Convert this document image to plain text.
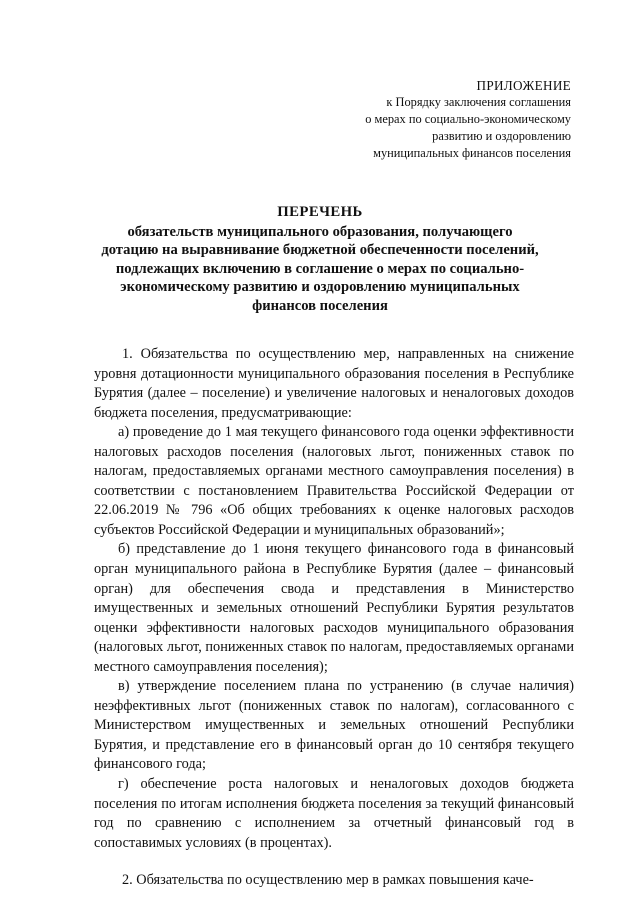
ПРИЛОЖЕНИЕ
к Порядку заключения соглашения
о мерах по социально-экономическому
развитию и оздоровлению
муниципальных финансов поселения
ПЕРЕЧЕНЬ
обязательств муниципального образования, получающего
дотацию на выравнивание бюджетной обеспеченности поселений,
подлежащих включению в соглашение о мерах по социально-
экономическому развитию и оздоровлению муниципальных
финансов поселения

1. Обязательства по осуществлению мер, направленных на снижение уровня дотационности муниципального образования поселения в Республике Бурятия (далее – поселение) и увеличение налоговых и неналоговых доходов бюджета поселения, предусматривающие:

а) проведение до 1 мая текущего финансового года оценки эффективности налоговых расходов поселения (налоговых льгот, пониженных ставок по налогам, предоставляемых органами местного самоуправления поселения) в соответствии с постановлением Правительства Российской Федерации от 22.06.2019 № 796 «Об общих требованиях к оценке налоговых расходов субъектов Российской Федерации и муниципальных образований»;

б) представление до 1 июня текущего финансового года в финансовый орган муниципального района в Республике Бурятия (далее – финансовый орган) для обеспечения свода и представления в Министерство имущественных и земельных отношений Республики Бурятия результатов оценки эффективности налоговых расходов муниципального образования (налоговых льгот, пониженных ставок по налогам, предоставляемых органами местного самоуправления поселения);

в) утверждение поселением плана по устранению (в случае наличия) неэффективных льгот (пониженных ставок по налогам), согласованного с Министерством имущественных и земельных отношений Республики Бурятия, и представление его в финансовый орган до 10 сентября текущего финансового года;

г) обеспечение роста налоговых и неналоговых доходов бюджета поселения по итогам исполнения бюджета поселения за текущий финансовый год по сравнению с исполнением за отчетный финансовый год в сопоставимых условиях (в процентах).

2. Обязательства по осуществлению мер в рамках повышения каче-
